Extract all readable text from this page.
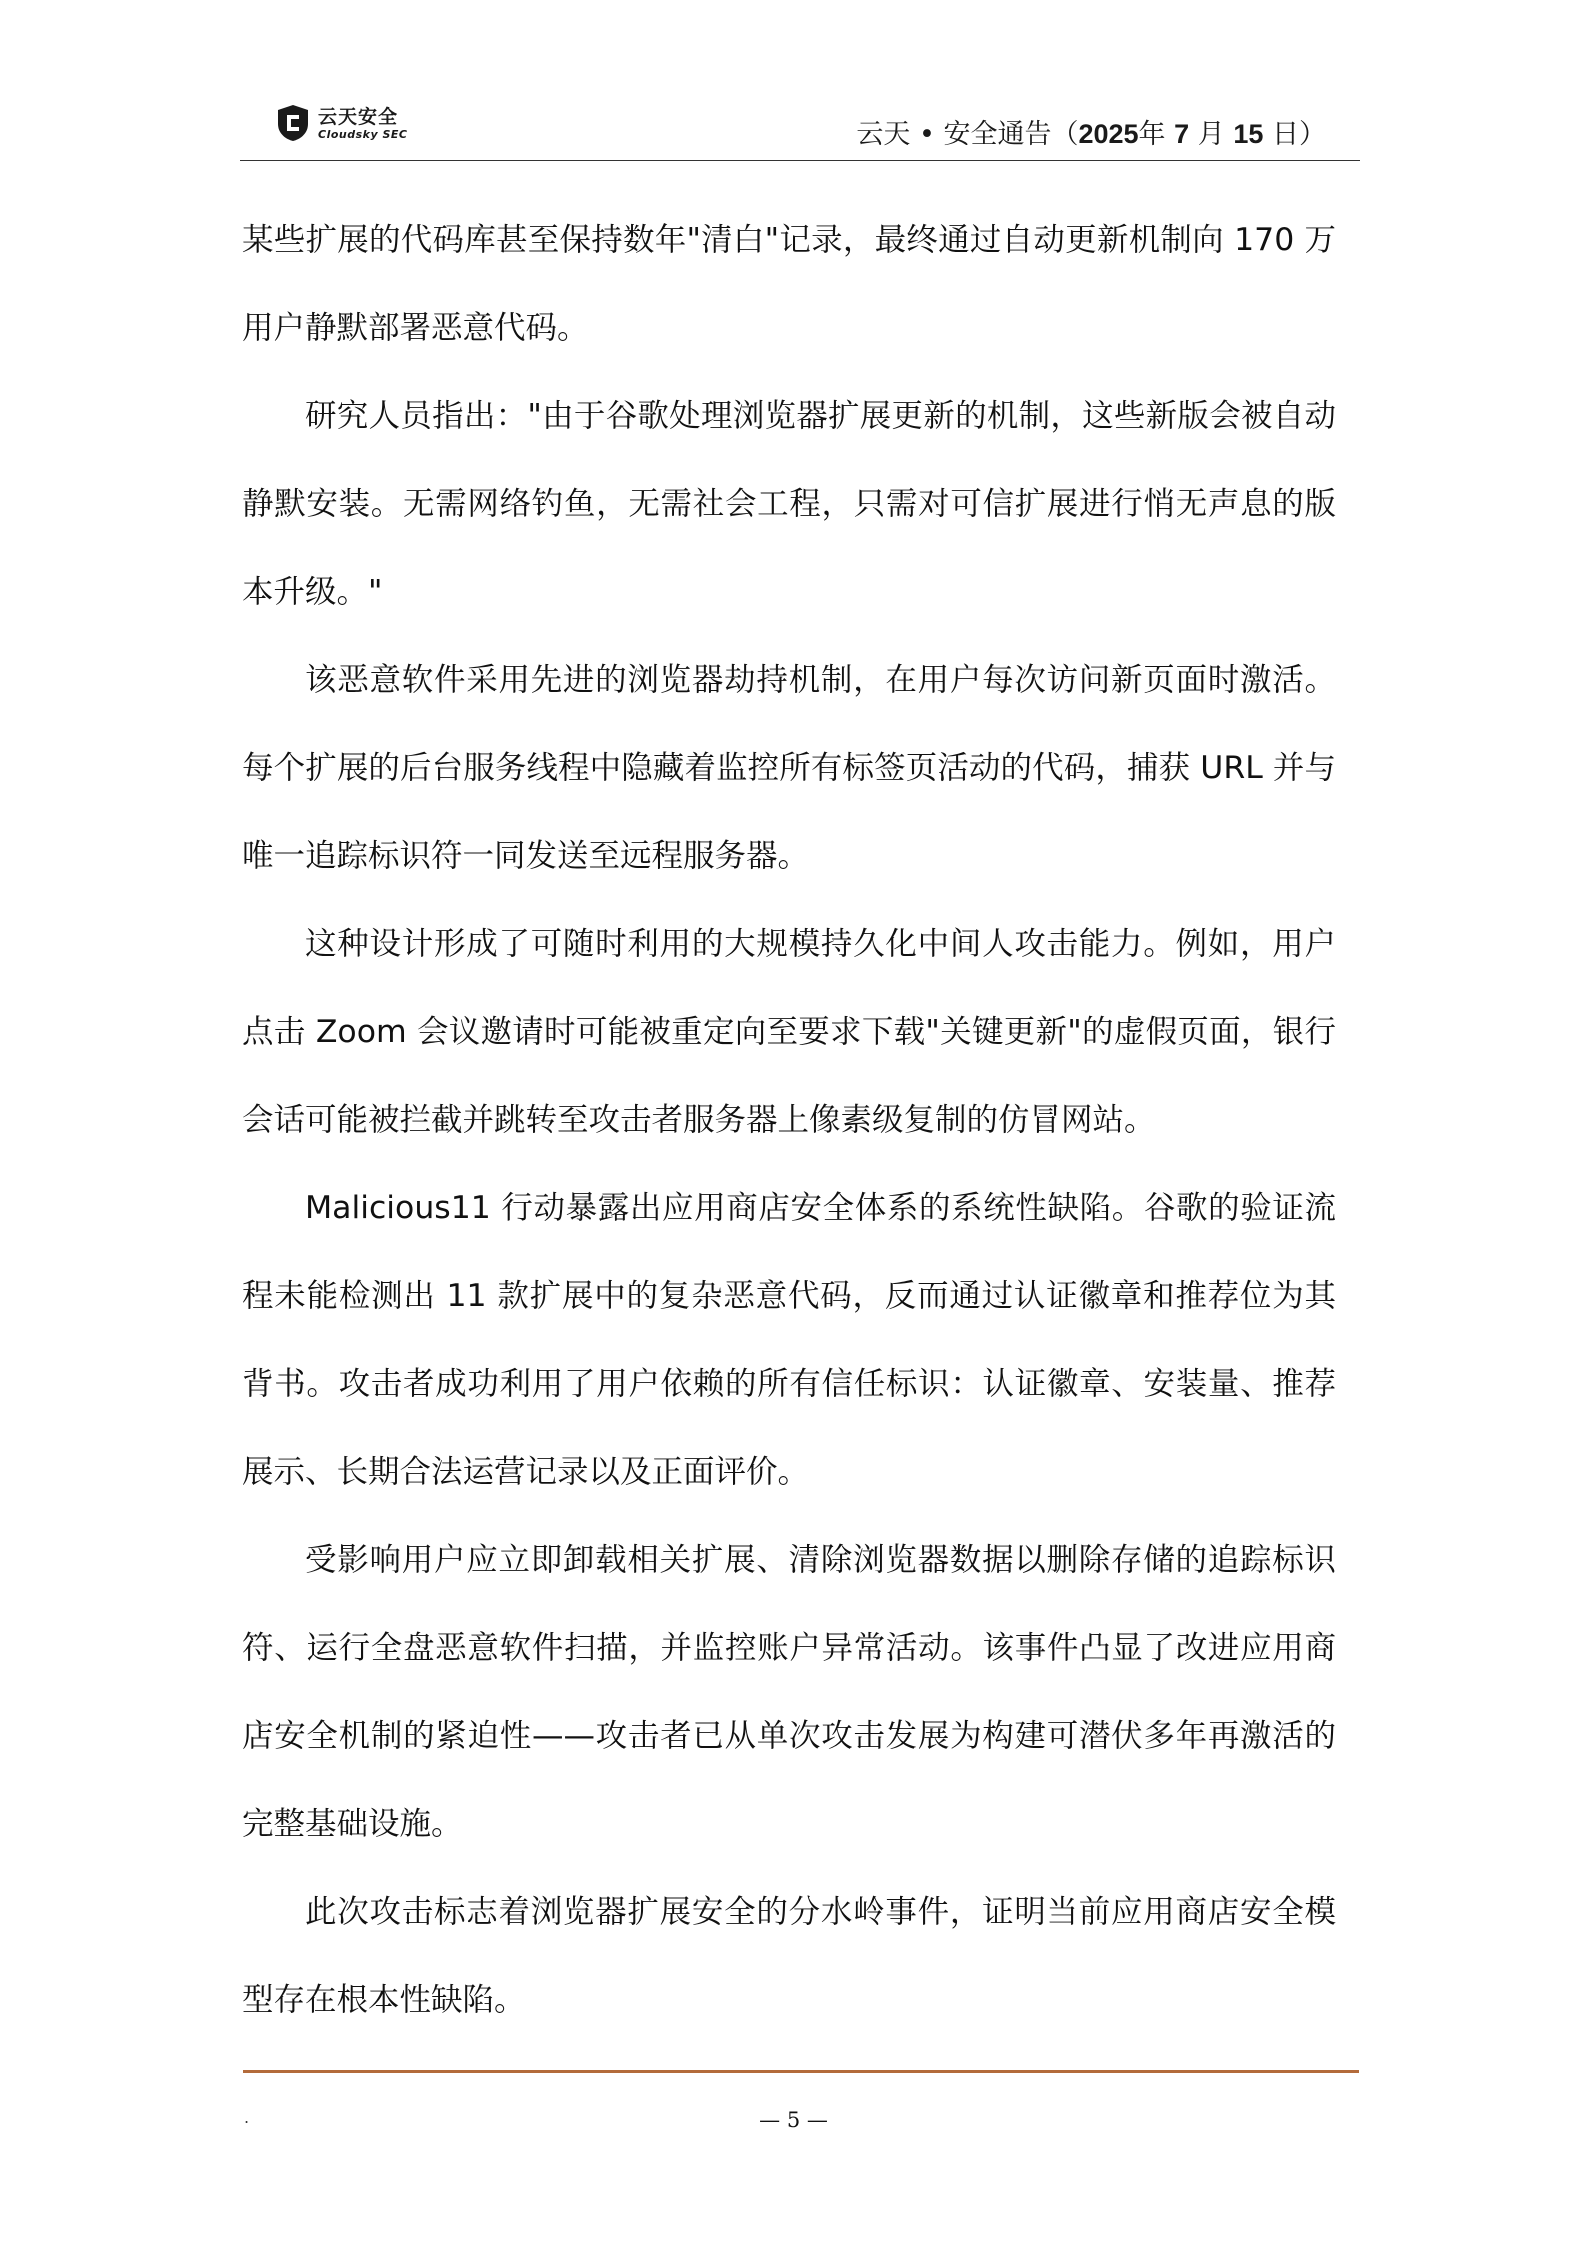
云天安全
Cloudsky SEC	云天 • 安全通告（2025年 7 月 15 日）

某些扩展的代码库甚至保持数年"清白"记录，最终通过自动更新机制向 170 万用户静默部署恶意代码。

研究人员指出："由于谷歌处理浏览器扩展更新的机制，这些新版会被自动静默安装。无需网络钓鱼，无需社会工程，只需对可信扩展进行悄无声息的版本升级。"

该恶意软件采用先进的浏览器劫持机制，在用户每次访问新页面时激活。每个扩展的后台服务线程中隐藏着监控所有标签页活动的代码，捕获 URL 并与唯一追踪标识符一同发送至远程服务器。

这种设计形成了可随时利用的大规模持久化中间人攻击能力。例如，用户点击 Zoom 会议邀请时可能被重定向至要求下载"关键更新"的虚假页面，银行会话可能被拦截并跳转至攻击者服务器上像素级复制的仿冒网站。

Malicious11 行动暴露出应用商店安全体系的系统性缺陷。谷歌的验证流程未能检测出 11 款扩展中的复杂恶意代码，反而通过认证徽章和推荐位为其背书。攻击者成功利用了用户依赖的所有信任标识：认证徽章、安装量、推荐展示、长期合法运营记录以及正面评价。

受影响用户应立即卸载相关扩展、清除浏览器数据以删除存储的追踪标识符、运行全盘恶意软件扫描，并监控账户异常活动。该事件凸显了改进应用商店安全机制的紧迫性——攻击者已从单次攻击发展为构建可潜伏多年再激活的完整基础设施。

此次攻击标志着浏览器扩展安全的分水岭事件，证明当前应用商店安全模型存在根本性缺陷。

.	— 5 —
